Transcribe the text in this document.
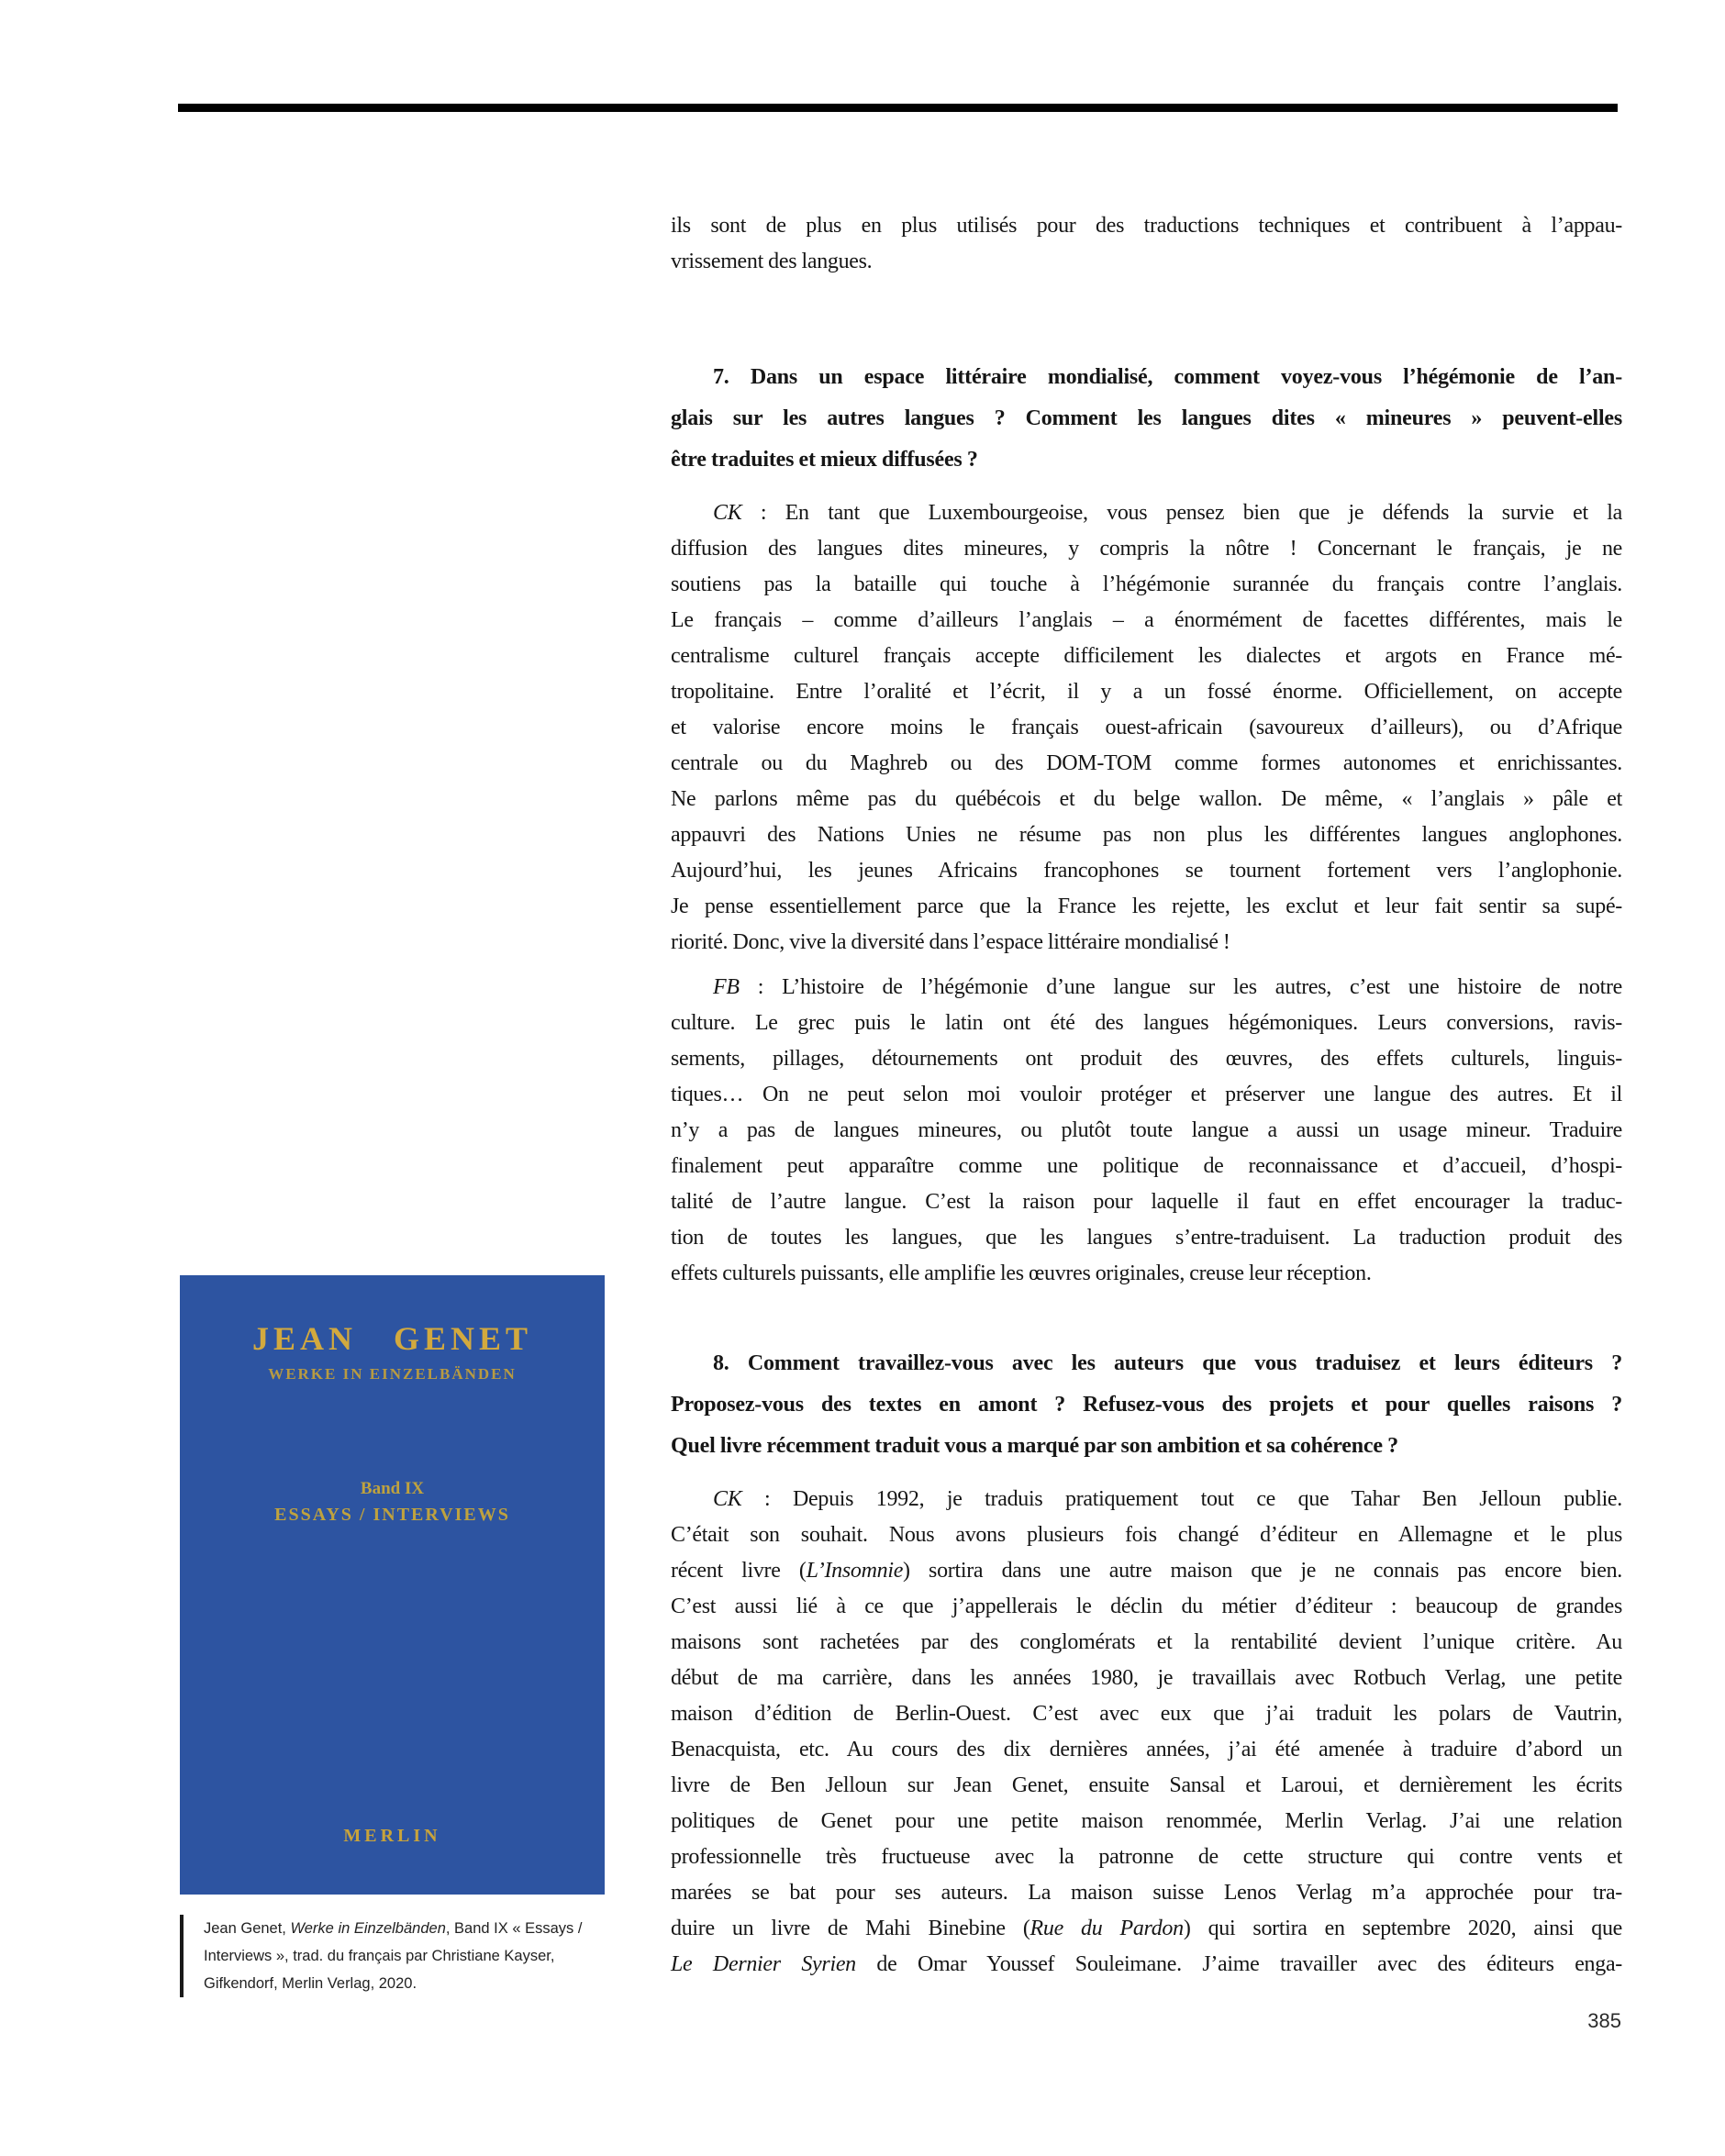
ils sont de plus en plus utilisés pour des traductions techniques et contribuent à l’appau-
vrissement des langues.

7. Dans un espace littéraire mondialisé, comment voyez-vous l’hégémonie de l’an-
glais sur les autres langues ? Comment les langues dites « mineures » peuvent-elles
être traduites et mieux diffusées ?

CK : En tant que Luxembourgeoise, vous pensez bien que je défends la survie et la
diffusion des langues dites mineures, y compris la nôtre ! Concernant le français, je ne
soutiens pas la bataille qui touche à l’hégémonie surannée du français contre l’anglais.
Le français – comme d’ailleurs l’anglais – a énormément de facettes différentes, mais le
centralisme culturel français accepte difficilement les dialectes et argots en France mé-
tropolitaine. Entre l’oralité et l’écrit, il y a un fossé énorme. Officiellement, on accepte
et valorise encore moins le français ouest-africain (savoureux d’ailleurs), ou d’Afrique
centrale ou du Maghreb ou des DOM-TOM comme formes autonomes et enrichissantes.
Ne parlons même pas du québécois et du belge wallon. De même, « l’anglais » pâle et
appauvri des Nations Unies ne résume pas non plus les différentes langues anglophones.
Aujourd’hui, les jeunes Africains francophones se tournent fortement vers l’anglophonie.
Je pense essentiellement parce que la France les rejette, les exclut et leur fait sentir sa supé-
riorité. Donc, vive la diversité dans l’espace littéraire mondialisé !

FB : L’histoire de l’hégémonie d’une langue sur les autres, c’est une histoire de notre
culture. Le grec puis le latin ont été des langues hégémoniques. Leurs conversions, ravis-
sements, pillages, détournements ont produit des œuvres, des effets culturels, linguis-
tiques… On ne peut selon moi vouloir protéger et préserver une langue des autres. Et il
n’y a pas de langues mineures, ou plutôt toute langue a aussi un usage mineur. Traduire
finalement peut apparaître comme une politique de reconnaissance et d’accueil, d’hospi-
talité de l’autre langue. C’est la raison pour laquelle il faut en effet encourager la traduc-
tion de toutes les langues, que les langues s’entre-traduisent. La traduction produit des
effets culturels puissants, elle amplifie les œuvres originales, creuse leur réception.

8. Comment travaillez-vous avec les auteurs que vous traduisez et leurs éditeurs ?
Proposez-vous des textes en amont ? Refusez-vous des projets et pour quelles raisons ?
Quel livre récemment traduit vous a marqué par son ambition et sa cohérence ?

CK : Depuis 1992, je traduis pratiquement tout ce que Tahar Ben Jelloun publie.
C’était son souhait. Nous avons plusieurs fois changé d’éditeur en Allemagne et le plus
récent livre (L’Insomnie) sortira dans une autre maison que je ne connais pas encore bien.
C’est aussi lié à ce que j’appellerais le déclin du métier d’éditeur : beaucoup de grandes
maisons sont rachetées par des conglomérats et la rentabilité devient l’unique critère. Au
début de ma carrière, dans les années 1980, je travaillais avec Rotbuch Verlag, une petite
maison d’édition de Berlin-Ouest. C’est avec eux que j’ai traduit les polars de Vautrin,
Benacquista, etc. Au cours des dix dernières années, j’ai été amenée à traduire d’abord un
livre de Ben Jelloun sur Jean Genet, ensuite Sansal et Laroui, et dernièrement les écrits
politiques de Genet pour une petite maison renommée, Merlin Verlag. J’ai une relation
professionnelle très fructueuse avec la patronne de cette structure qui contre vents et
marées se bat pour ses auteurs. La maison suisse Lenos Verlag m’a approchée pour tra-
duire un livre de Mahi Binebine (Rue du Pardon) qui sortira en septembre 2020, ainsi que
Le Dernier Syrien de Omar Youssef Souleimane. J’aime travailler avec des éditeurs enga-

JEAN GENET
WERKE IN EINZELBÄNDEN
Band IX
ESSAYS / INTERVIEWS
MERLIN
Jean Genet, Werke in Einzelbänden, Band IX « Essays /
Interviews », trad. du français par Christiane Kayser,
Gifkendorf, Merlin Verlag, 2020.
385
